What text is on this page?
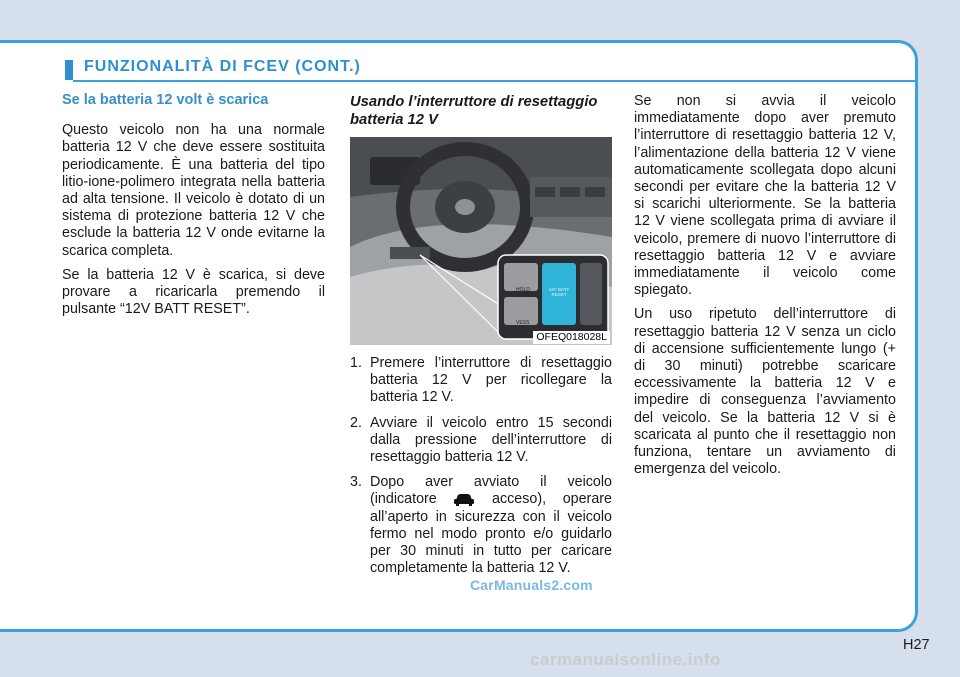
FUNZIONALITÀ DI FCEV (CONT.)

Se la batteria 12 volt è scarica

Questo veicolo non ha una normale batteria 12 V che deve essere sostituita periodicamente. È una batteria del tipo litio-ione-polimero integrata nella batteria ad alta tensione. Il veicolo è dotato di un sistema di protezione batteria 12 V che esclude la batteria 12 V onde evitarne la scarica completa.

Se la batteria 12 V è scarica, si deve provare a ricaricarla premendo il pulsante “12V BATT RESET”.

Usando l’interruttore di resettaggio batteria 12 V

HOLD
VESS
12V BATT RESET
OFEQ018028L
1. Premere l’interruttore di resettaggio batteria 12 V per ricollegare la batteria 12 V.
2. Avviare il veicolo entro 15 secondi dalla pressione dell’interruttore di resettaggio batteria 12 V.
3. Dopo aver avviato il veicolo (indicatore	acceso), operare all’aperto in sicurezza con il veicolo fermo nel modo pronto e/o guidarlo per 30 minuti in tutto per caricare completamente la batteria 12 V.

Se non si avvia il veicolo immediatamente dopo aver premuto l’interruttore di resettaggio batteria 12 V, l’alimentazione della batteria 12 V viene automaticamente scollegata dopo alcuni secondi per evitare che la batteria 12 V si scarichi ulteriormente. Se la batteria 12 V viene scollegata prima di avviare il veicolo, premere di nuovo l’interruttore di resettaggio batteria 12 V e avviare immediatamente il veicolo come spiegato.

Un uso ripetuto dell’interruttore di resettaggio batteria 12 V senza un ciclo di accensione sufficientemente lungo (+ di 30 minuti) potrebbe scaricare eccessivamente la batteria 12 V e impedire di conseguenza l’avviamento del veicolo. Se la batteria 12 V si è scaricata al punto che il resettaggio non funziona, tentare un avviamento di emergenza del veicolo.

CarManuals2.com
H27
carmanualsonline.info
